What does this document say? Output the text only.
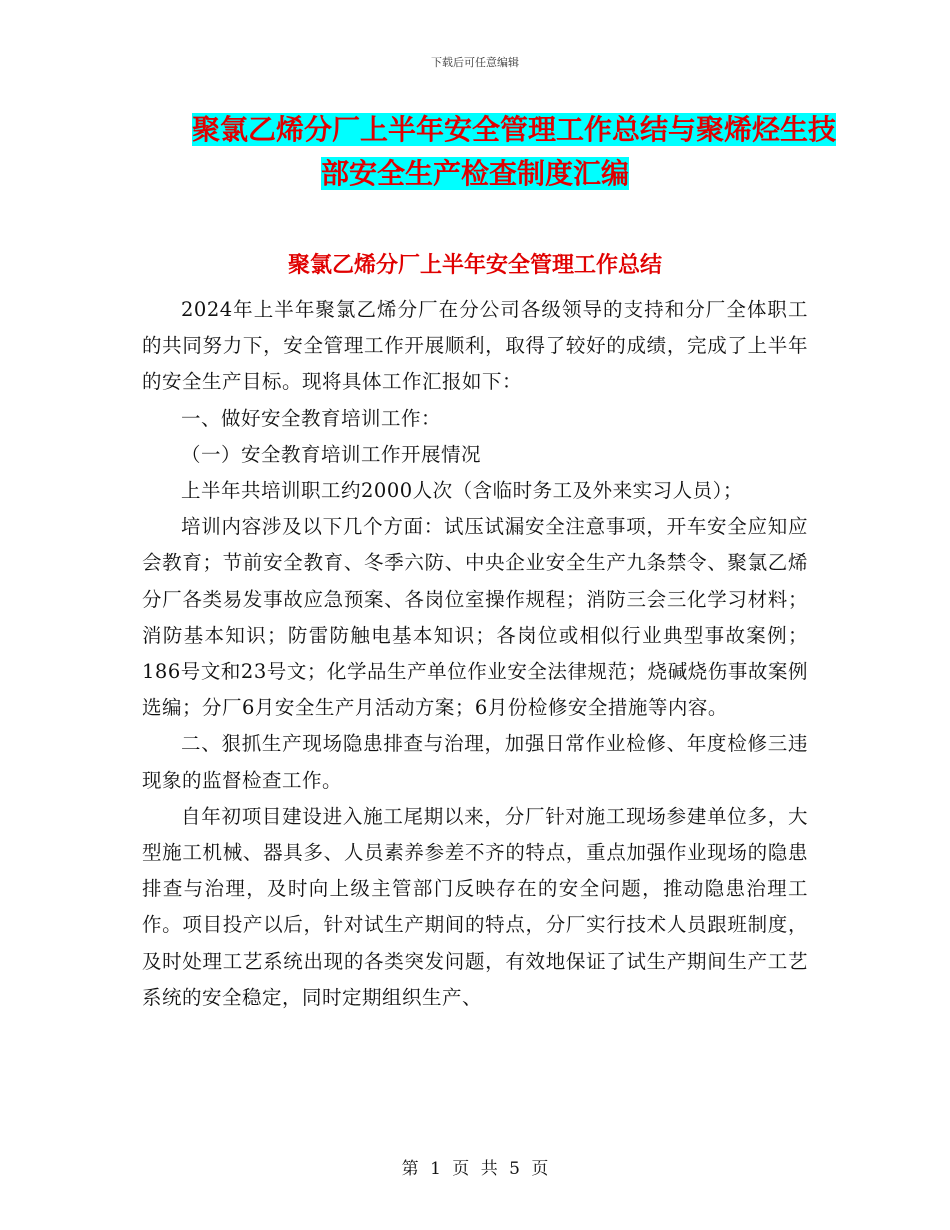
下载后可任意编辑
聚氯乙烯分厂上半年安全管理工作总结与聚烯烃生技
部安全生产检查制度汇编
聚氯乙烯分厂上半年安全管理工作总结

2024年上半年聚氯乙烯分厂在分公司各级领导的支持和分厂全体职工的共同努力下，安全管理工作开展顺利，取得了较好的成绩，完成了上半年的安全生产目标。现将具体工作汇报如下：

一、做好安全教育培训工作：

（一）安全教育培训工作开展情况

上半年共培训职工约2000人次（含临时务工及外来实习人员）；

培训内容涉及以下几个方面：试压试漏安全注意事项，开车安全应知应会教育；节前安全教育、冬季六防、中央企业安全生产九条禁令、聚氯乙烯分厂各类易发事故应急预案、各岗位室操作规程；消防三会三化学习材料；消防基本知识；防雷防触电基本知识；各岗位或相似行业典型事故案例；186号文和23号文；化学品生产单位作业安全法律规范；烧碱烧伤事故案例选编；分厂6月安全生产月活动方案；6月份检修安全措施等内容。

二、狠抓生产现场隐患排查与治理，加强日常作业检修、年度检修三违现象的监督检查工作。

自年初项目建设进入施工尾期以来，分厂针对施工现场参建单位多，大型施工机械、器具多、人员素养参差不齐的特点，重点加强作业现场的隐患排查与治理，及时向上级主管部门反映存在的安全问题，推动隐患治理工作。项目投产以后，针对试生产期间的特点，分厂实行技术人员跟班制度，及时处理工艺系统出现的各类突发问题，有效地保证了试生产期间生产工艺系统的安全稳定，同时定期组织生产、

第 1 页 共 5 页
